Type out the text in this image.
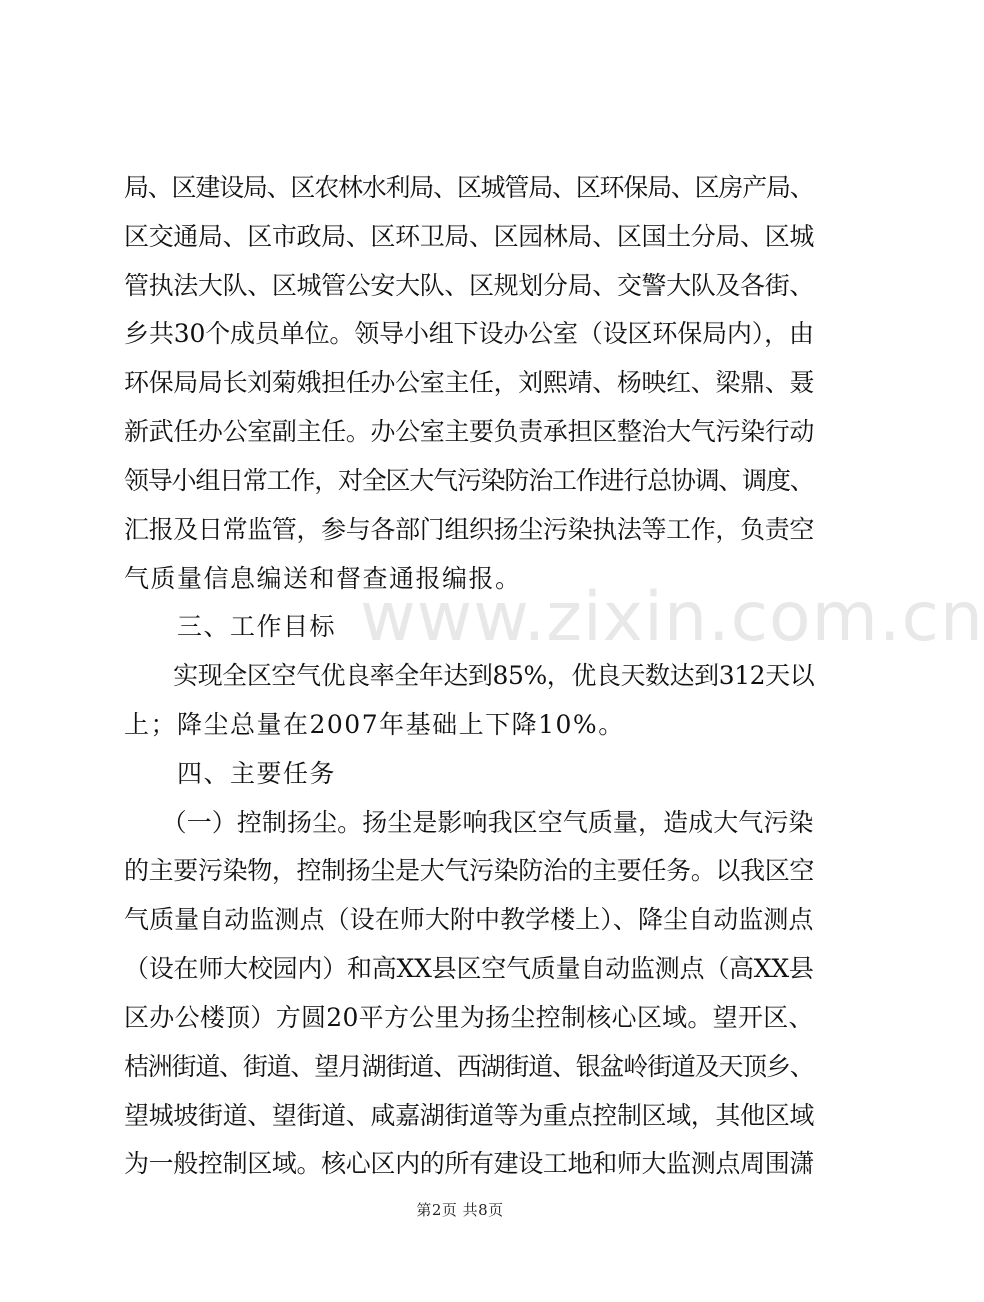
www.zixin.com.cn
局、区建设局、区农林水利局、区城管局、区环保局、区房产局、
区交通局、区市政局、区环卫局、区园林局、区国土分局、区城
管执法大队、区城管公安大队、区规划分局、交警大队及各街、
乡共30个成员单位。领导小组下设办公室（设区环保局内），由
环保局局长刘菊娥担任办公室主任，刘熙靖、杨映红、梁鼎、聂
新武任办公室副主任。办公室主要负责承担区整治大气污染行动
领导小组日常工作，对全区大气污染防治工作进行总协调、调度、
汇报及日常监管，参与各部门组织扬尘污染执法等工作，负责空
气质量信息编送和督查通报编报。
　　三、工作目标
　　实现全区空气优良率全年达到85%，优良天数达到312天以
上；降尘总量在2007年基础上下降10%。
　　四、主要任务
　　（一）控制扬尘。扬尘是影响我区空气质量，造成大气污染
的主要污染物，控制扬尘是大气污染防治的主要任务。以我区空
气质量自动监测点（设在师大附中教学楼上）、降尘自动监测点
（设在师大校园内）和高XX县区空气质量自动监测点（高XX县
区办公楼顶）方圆20平方公里为扬尘控制核心区域。望开区、
桔洲街道、街道、望月湖街道、西湖街道、银盆岭街道及天顶乡、
望城坡街道、望街道、咸嘉湖街道等为重点控制区域，其他区域
为一般控制区域。核心区内的所有建设工地和师大监测点周围潇
第2页 共8页
